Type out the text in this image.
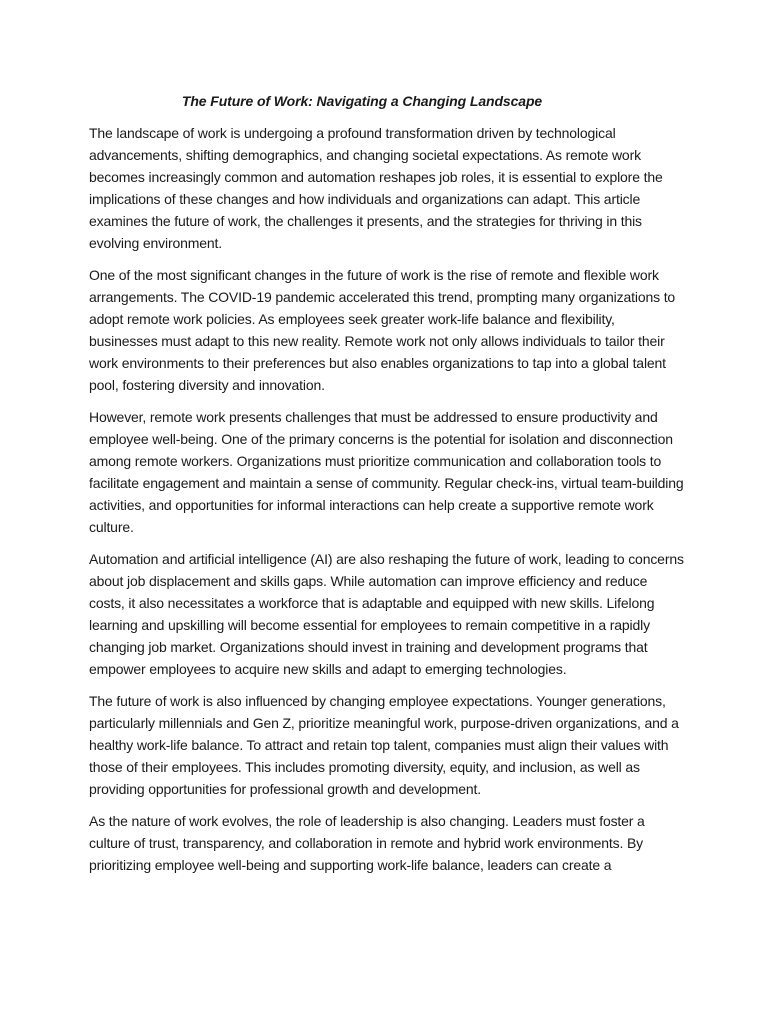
The Future of Work: Navigating a Changing Landscape

The landscape of work is undergoing a profound transformation driven by technological advancements, shifting demographics, and changing societal expectations. As remote work becomes increasingly common and automation reshapes job roles, it is essential to explore the implications of these changes and how individuals and organizations can adapt. This article examines the future of work, the challenges it presents, and the strategies for thriving in this evolving environment.

One of the most significant changes in the future of work is the rise of remote and flexible work arrangements. The COVID-19 pandemic accelerated this trend, prompting many organizations to adopt remote work policies. As employees seek greater work-life balance and flexibility, businesses must adapt to this new reality. Remote work not only allows individuals to tailor their work environments to their preferences but also enables organizations to tap into a global talent pool, fostering diversity and innovation.

However, remote work presents challenges that must be addressed to ensure productivity and employee well-being. One of the primary concerns is the potential for isolation and disconnection among remote workers. Organizations must prioritize communication and collaboration tools to facilitate engagement and maintain a sense of community. Regular check-ins, virtual team-building activities, and opportunities for informal interactions can help create a supportive remote work culture.

Automation and artificial intelligence (AI) are also reshaping the future of work, leading to concerns about job displacement and skills gaps. While automation can improve efficiency and reduce costs, it also necessitates a workforce that is adaptable and equipped with new skills. Lifelong learning and upskilling will become essential for employees to remain competitive in a rapidly changing job market. Organizations should invest in training and development programs that empower employees to acquire new skills and adapt to emerging technologies.

The future of work is also influenced by changing employee expectations. Younger generations, particularly millennials and Gen Z, prioritize meaningful work, purpose-driven organizations, and a healthy work-life balance. To attract and retain top talent, companies must align their values with those of their employees. This includes promoting diversity, equity, and inclusion, as well as providing opportunities for professional growth and development.

As the nature of work evolves, the role of leadership is also changing. Leaders must foster a culture of trust, transparency, and collaboration in remote and hybrid work environments. By prioritizing employee well-being and supporting work-life balance, leaders can create a
